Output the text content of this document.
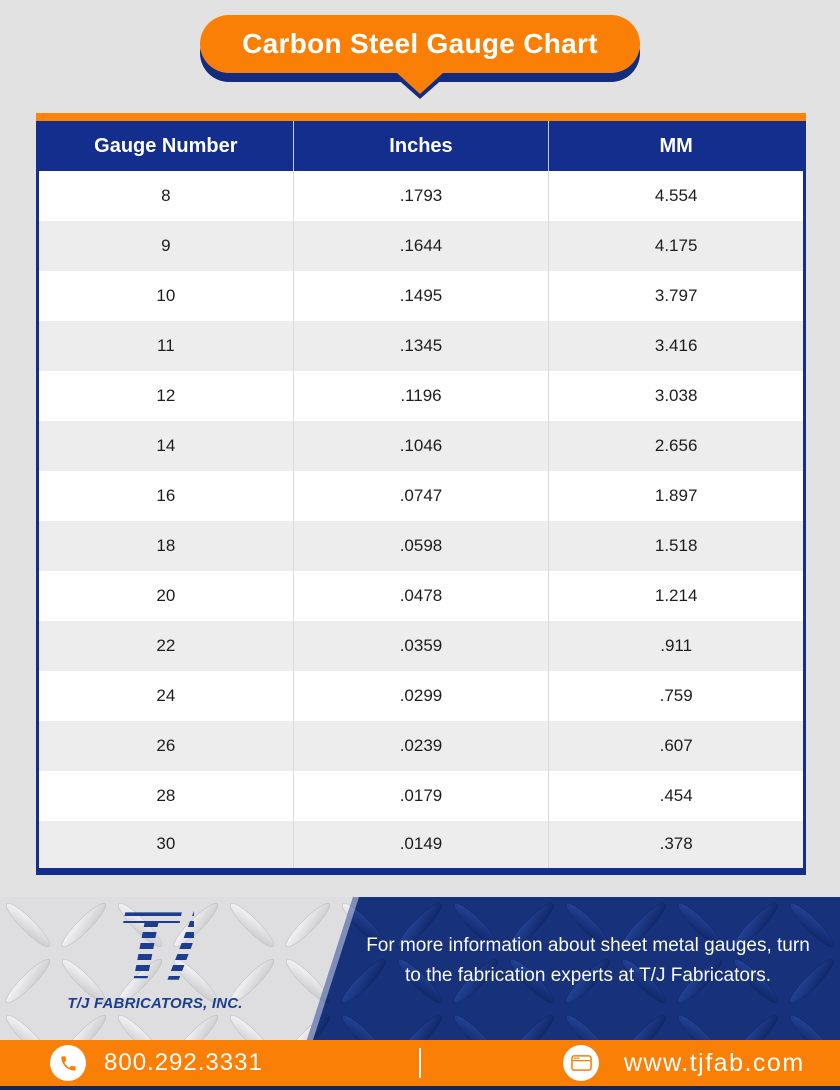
Carbon Steel Gauge Chart
Gauge Number	Inches	MM
8	.1793	4.554
9	.1644	4.175
10	.1495	3.797
11	.1345	3.416
12	.1196	3.038
14	.1046	2.656
16	.0747	1.897
18	.0598	1.518
20	.0478	1.214
22	.0359	.911
24	.0299	.759
26	.0239	.607
28	.0179	.454
30	.0149	.378
T/
T/J FABRICATORS, INC.
For more information about sheet metal gauges, turn
to the fabrication experts at T/J Fabricators.
800.292.3331	www.tjfab.com
